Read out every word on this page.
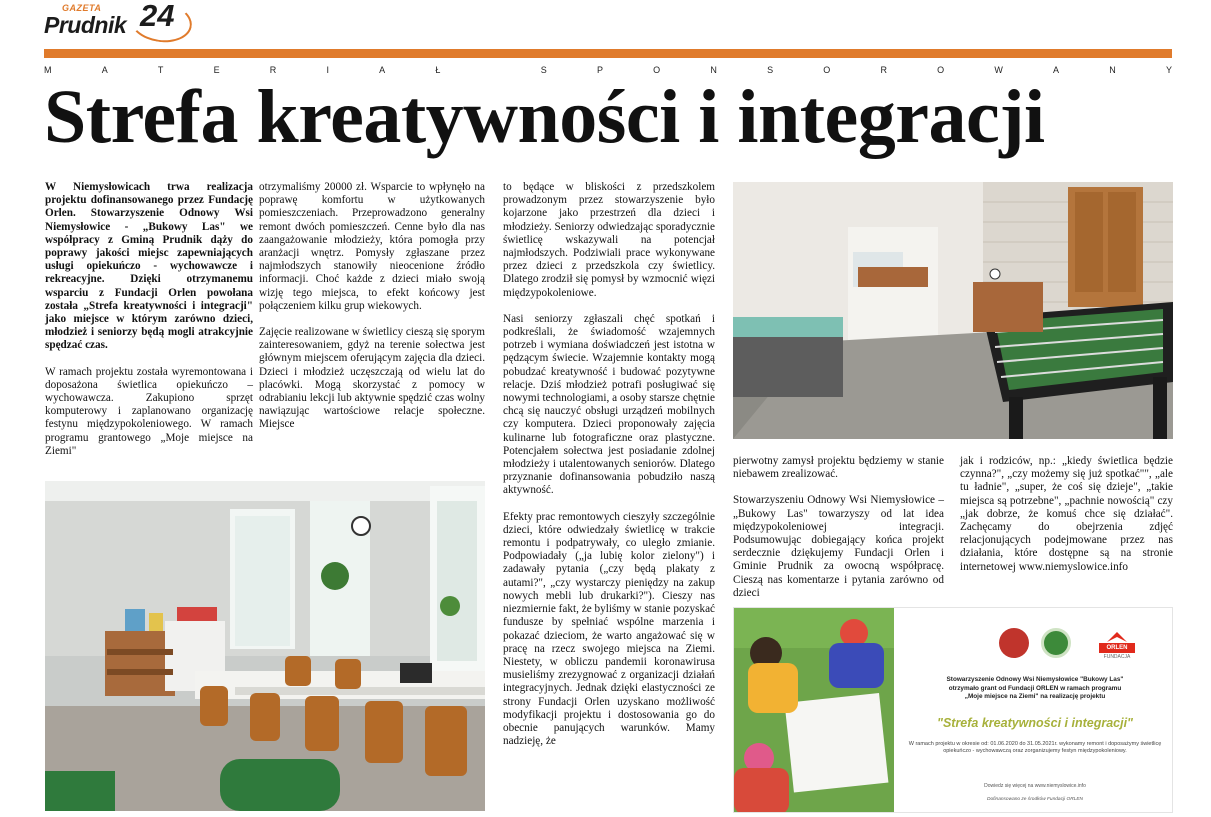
GAZETA
Prudnik 24
M	A	T	E	R	I	A	Ł	S	P	O	N	S	O	R	O	W	A	N	Y
Strefa kreatywności i integracji

W Niemysłowicach trwa realizacja projektu dofinansowanego przez Fundację Orlen. Stowarzyszenie Odnowy Wsi Niemysłowice - „Bukowy Las" we współpracy z Gminą Prudnik dąży do poprawy jakości miejsc zapewniających usługi opiekuńczo - wychowawcze i rekreacyjne. Dzięki otrzymanemu wsparciu z Fundacji Orlen powołana została „Strefa kreatywności i integracji" jako miejsce w którym zarówno dzieci, młodzież i seniorzy będą mogli atrakcyjnie spędzać czas.

W ramach projektu została wyremontowana i doposażona świetlica opiekuńczo – wychowawcza. Zakupiono sprzęt komputerowy i zaplanowano organizację festynu międzypokoleniowego. W ramach programu grantowego „Moje miejsce na Ziemi"

otrzymaliśmy 20000 zł. Wsparcie to wpłynęło na poprawę komfortu w użytkowanych pomieszczeniach. Przeprowadzono generalny remont dwóch pomieszczeń. Cenne było dla nas zaangażowanie młodzieży, która pomogła przy aranżacji wnętrz. Pomysły zgłaszane przez najmłodszych stanowiły nieocenione źródło informacji. Choć każde z dzieci miało swoją wizję tego miejsca, to efekt końcowy jest połączeniem kilku grup wiekowych.

Zajęcie realizowane w świetlicy cieszą się sporym zainteresowaniem, gdyż na terenie sołectwa jest głównym miejscem oferującym zajęcia dla dzieci. Dzieci i młodzież uczęszczają od wielu lat do placówki. Mogą skorzystać z pomocy w odrabianiu lekcji lub aktywnie spędzić czas wolny nawiązując wartościowe relacje społeczne. Miejsce

to będące w bliskości z przedszkolem prowadzonym przez stowarzyszenie było kojarzone jako przestrzeń dla dzieci i młodzieży. Seniorzy odwiedzając sporadycznie świetlicę wskazywali na potencjał najmłodszych. Podziwiali prace wykonywane przez dzieci z przedszkola czy świetlicy. Dlatego zrodził się pomysł by wzmocnić więzi międzypokoleniowe.

Nasi seniorzy zgłaszali chęć spotkań i podkreślali, że świadomość wzajemnych potrzeb i wymiana doświadczeń jest istotna w pędzącym świecie. Wzajemnie kontakty mogą pobudzać kreatywność i budować pozytywne relacje. Dziś młodzież potrafi posługiwać się nowymi technologiami, a osoby starsze chętnie chcą się nauczyć obsługi urządzeń mobilnych czy komputera. Dzieci proponowały zajęcia kulinarne lub fotograficzne oraz plastyczne. Potencjałem sołectwa jest posiadanie zdolnej młodzieży i utalentowanych seniorów. Dlatego przyznanie dofinansowania pobudziło naszą aktywność.

Efekty prac remontowych cieszyły szczególnie dzieci, które odwiedzały świetlicę w trakcie remontu i podpatrywały, co uległo zmianie. Podpowiadały („ja lubię kolor zielony") i zadawały pytania („czy będą plakaty z autami?", „czy wystarczy pieniędzy na zakup nowych mebli lub drukarki?"). Cieszy nas niezmiernie fakt, że byliśmy w stanie pozyskać fundusze by spełniać wspólne marzenia i pokazać dzieciom, że warto angażować się w pracę na rzecz swojego miejsca na Ziemi. Niestety, w obliczu pandemii koronawirusa musieliśmy zrezygnować z organizacji działań integracyjnych. Jednak dzięki elastyczności ze strony Fundacji Orlen uzyskano możliwość modyfikacji projektu i dostosowania go do obecnie panujących warunków. Mamy nadzieję, że

pierwotny zamysł projektu będziemy w stanie niebawem zrealizować.

Stowarzyszeniu Odnowy Wsi Niemysłowice – „Bukowy Las" towarzyszy od lat idea międzypokoleniowej integracji. Podsumowując dobiegający końca projekt serdecznie dziękujemy Fundacji Orlen i Gminie Prudnik za owocną współpracę. Cieszą nas komentarze i pytania zarówno od dzieci

jak i rodziców, np.: „kiedy świetlica będzie czynna?", „czy możemy się już spotkać"", „ale tu ładnie", „super, że coś się dzieje", „takie miejsca są potrzebne", „pachnie nowością" czy „jak dobrze, że komuś chce się działać". Zachęcamy do obejrzenia zdjęć relacjonujących podejmowane przez nas działania, które dostępne są na stronie internetowej www.niemyslowice.info

ORLEN
FUNDACJA
Stowarzyszenie Odnowy Wsi Niemysłowice "Bukowy Las"
otrzymało grant od Fundacji ORLEN w ramach programu
„Moje miejsce na Ziemi" na realizację projektu
"Strefa kreatywności i integracji"
W ramach projektu w okresie od: 01.06.2020 do 31.05.2021r. wykonamy remont i doposażymy świetlicę opiekuńczo - wychowawczą oraz zorganizujemy festyn międzypokoleniowy.
Dowiedz się więcej na www.niemyslowice.info
Dofinansowano ze środków Fundacji ORLEN
